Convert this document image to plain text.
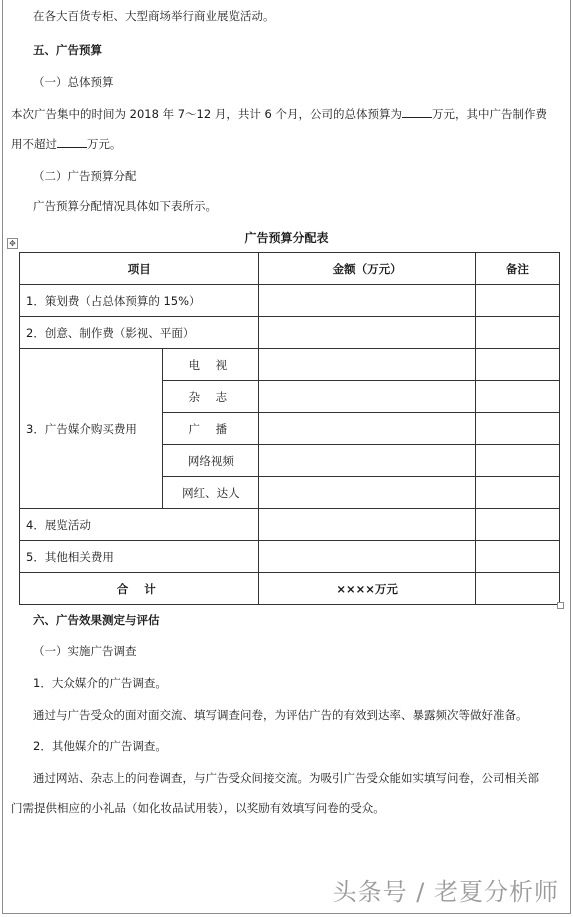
在各大百货专柜、大型商场举行商业展览活动。
五、广告预算
（一）总体预算
本次广告集中的时间为 2018 年 7～12 月，共计 6 个月，公司的总体预算为	万元，其中广告制作费
用不超过	万元。
（二）广告预算分配
广告预算分配情况具体如下表所示。
✥	广告预算分配表
项目		金额（万元）	备注
1．策划费（占总体预算的 15%）			
2．创意、制作费（影视、平面）			
3．广告媒介购买费用	电 视		
	杂 志		
	广 播		
	网络视频		
	网红、达人		
4．展览活动			
5．其他相关费用			
合 计		××××万元	
六、广告效果测定与评估
（一）实施广告调查
1．大众媒介的广告调查。
通过与广告受众的面对面交流、填写调查问卷，为评估广告的有效到达率、暴露频次等做好准备。
2．其他媒介的广告调查。
通过网站、杂志上的问卷调查，与广告受众间接交流。为吸引广告受众能如实填写问卷，公司相关部
门需提供相应的小礼品（如化妆品试用装），以奖励有效填写问卷的受众。
头条号 / 老夏分析师
